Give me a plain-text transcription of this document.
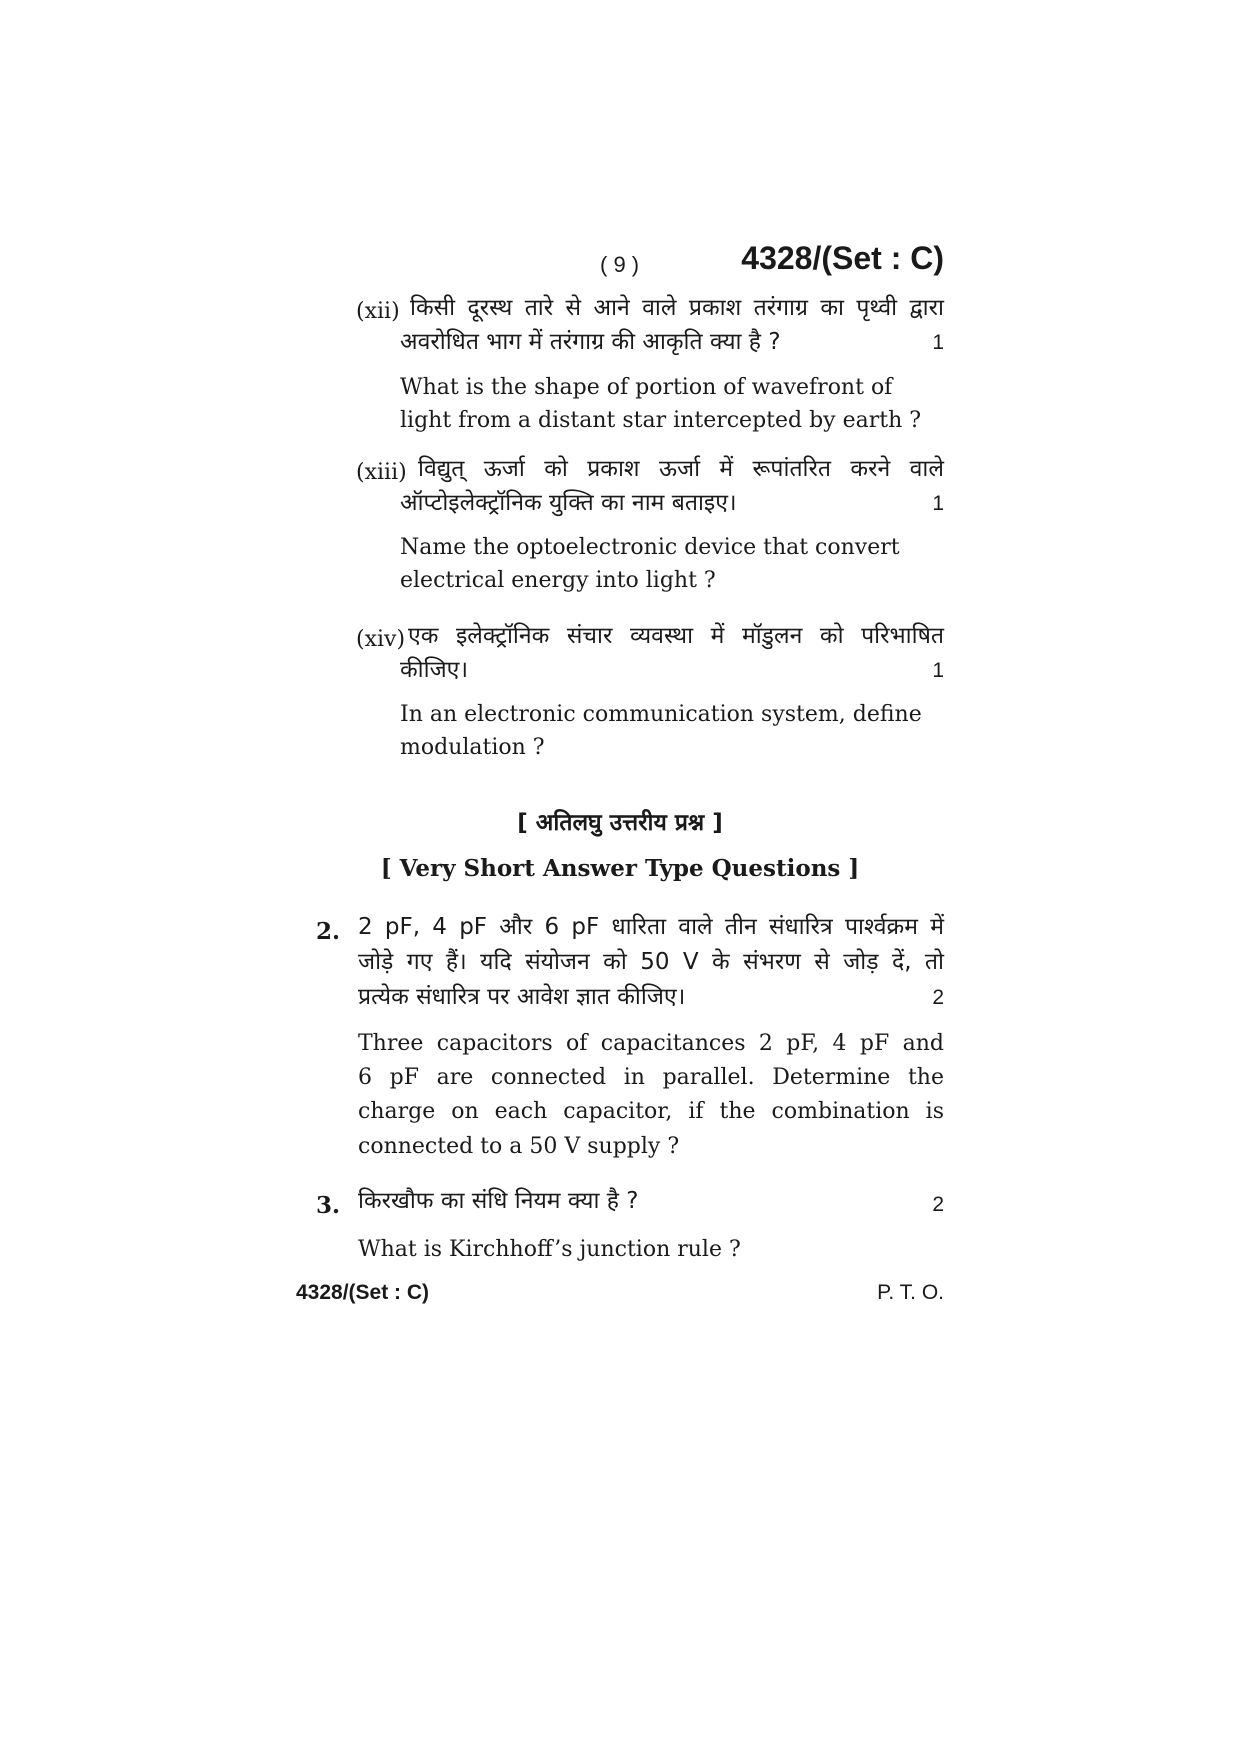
( 9 )	4328/(Set : C)
(xii) किसी दूरस्थ तारे से आने वाले प्रकाश तरंगाग्र का पृथ्वी द्वारा
अवरोधित भाग में तरंगाग्र की आकृति क्या है ?	1
What is the shape of portion of wavefront of
light from a distant star intercepted by earth ?
(xiii) विद्युत् ऊर्जा को प्रकाश ऊर्जा में रूपांतरित करने वाले
ऑप्टोइलेक्ट्रॉनिक युक्ति का नाम बताइए।	1
Name the optoelectronic device that convert
electrical energy into light ?
(xiv) एक इलेक्ट्रॉनिक संचार व्यवस्था में मॉडुलन को परिभाषित
कीजिए।	1
In an electronic communication system, define
modulation ?
[ अतिलघु उत्तरीय प्रश्न ]
[ Very Short Answer Type Questions ]
2. 2 pF, 4 pF और 6 pF धारिता वाले तीन संधारित्र पार्श्वक्रम में
जोड़े गए हैं। यदि संयोजन को 50 V के संभरण से जोड़ दें, तो
प्रत्येक संधारित्र पर आवेश ज्ञात कीजिए।	2
Three capacitors of capacitances 2 pF, 4 pF and
6 pF are connected in parallel. Determine the
charge on each capacitor, if the combination is
connected to a 50 V supply ?
3. किरखौफ का संधि नियम क्या है ?	2
What is Kirchhoff’s junction rule ?
4328/(Set : C)	P. T. O.
